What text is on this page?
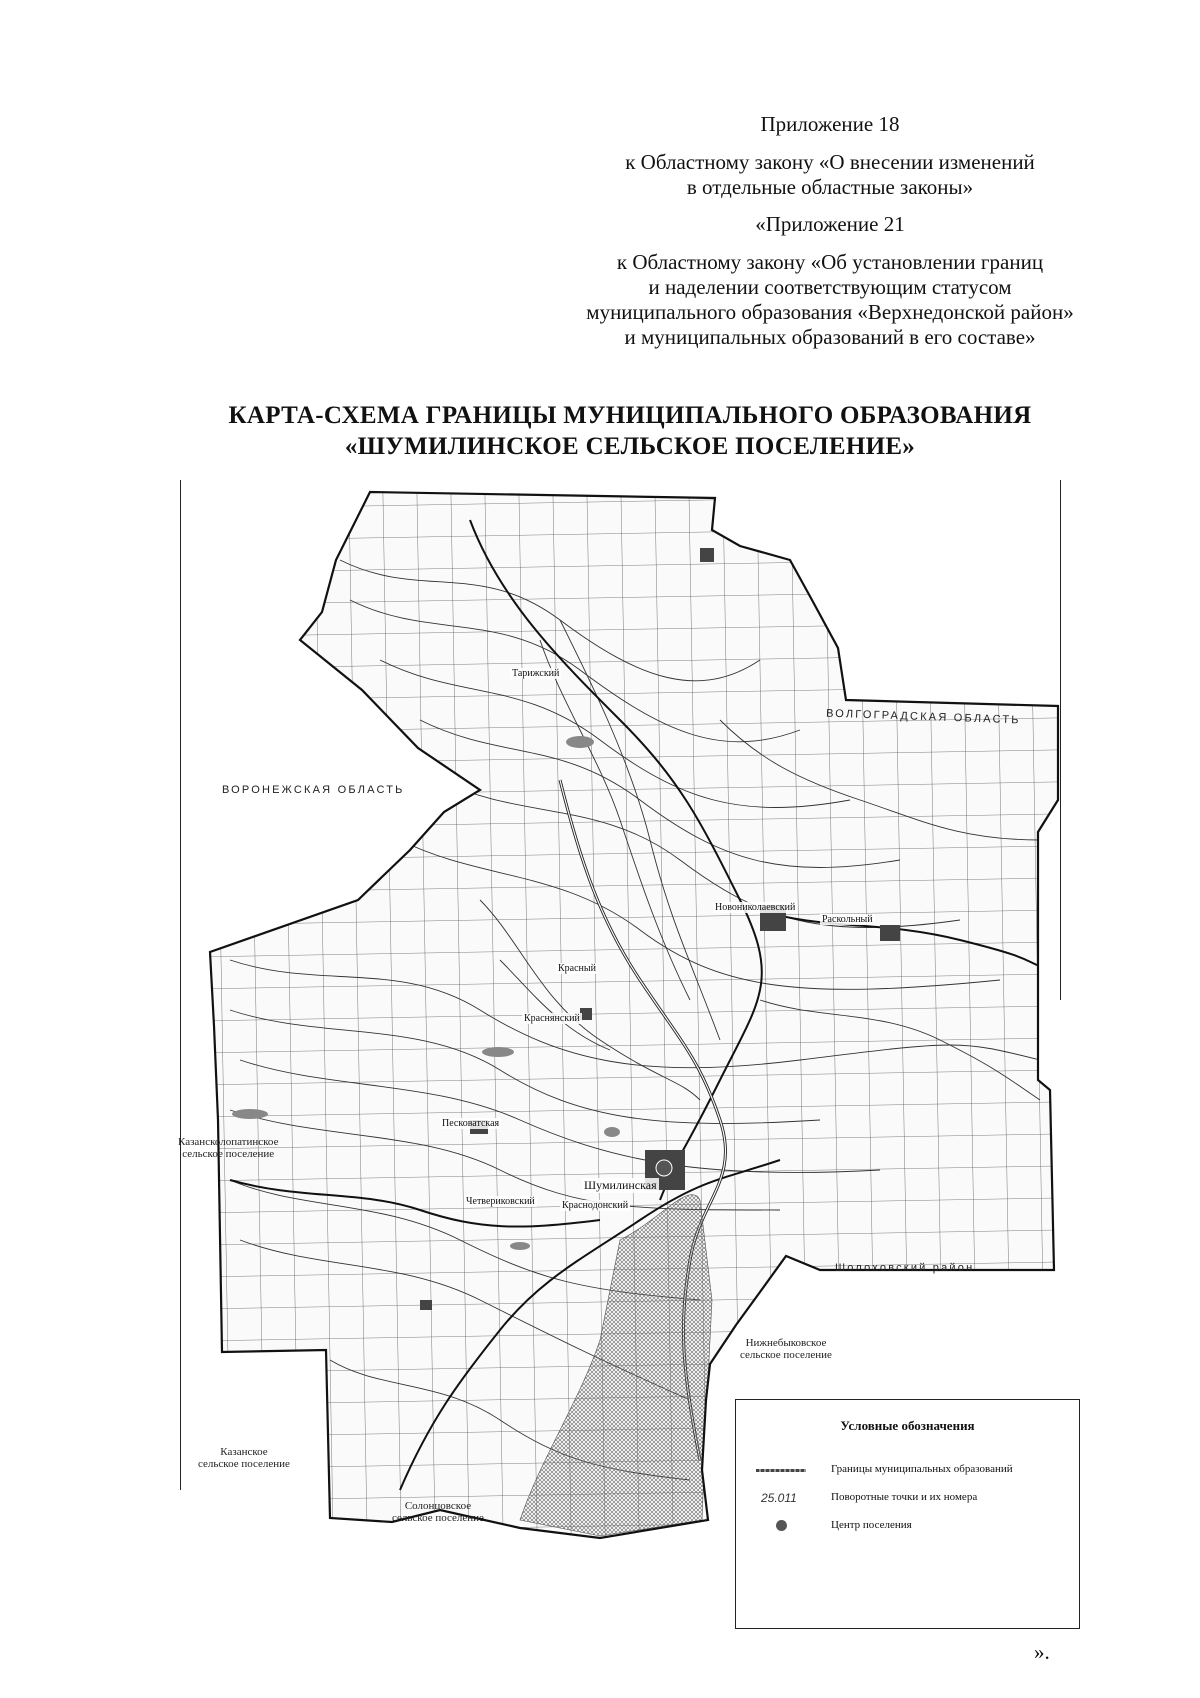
Приложение 18
к Областному закону «О внесении изменений
в отдельные областные законы»
«Приложение 21
к Областному закону «Об установлении границ
и наделении соответствующим статусом
муниципального образования «Верхнедонской район»
и муниципальных образований в его составе»
КАРТА-СХЕМА ГРАНИЦЫ МУНИЦИПАЛЬНОГО ОБРАЗОВАНИЯ
«ШУМИЛИНСКОЕ СЕЛЬСКОЕ ПОСЕЛЕНИЕ»
ВОЛГОГРАДСКАЯ ОБЛАСТЬ
ВОРОНЕЖСКАЯ ОБЛАСТЬ
Шолоховский район
Казансколопатинское
сельское поселение
Нижнебыковское
сельское поселение
Казанское
сельское поселение
Солонцовское
сельское поселение
Шумилинская
Раскольный
Новониколаевский
Красный
Краснянский
Песковатская
Четвериковский	Краснодонский
Тарижский
Условные обозначения
Границы муниципальных образований
25.011	Поворотные точки и их номера
Центр поселения
».
